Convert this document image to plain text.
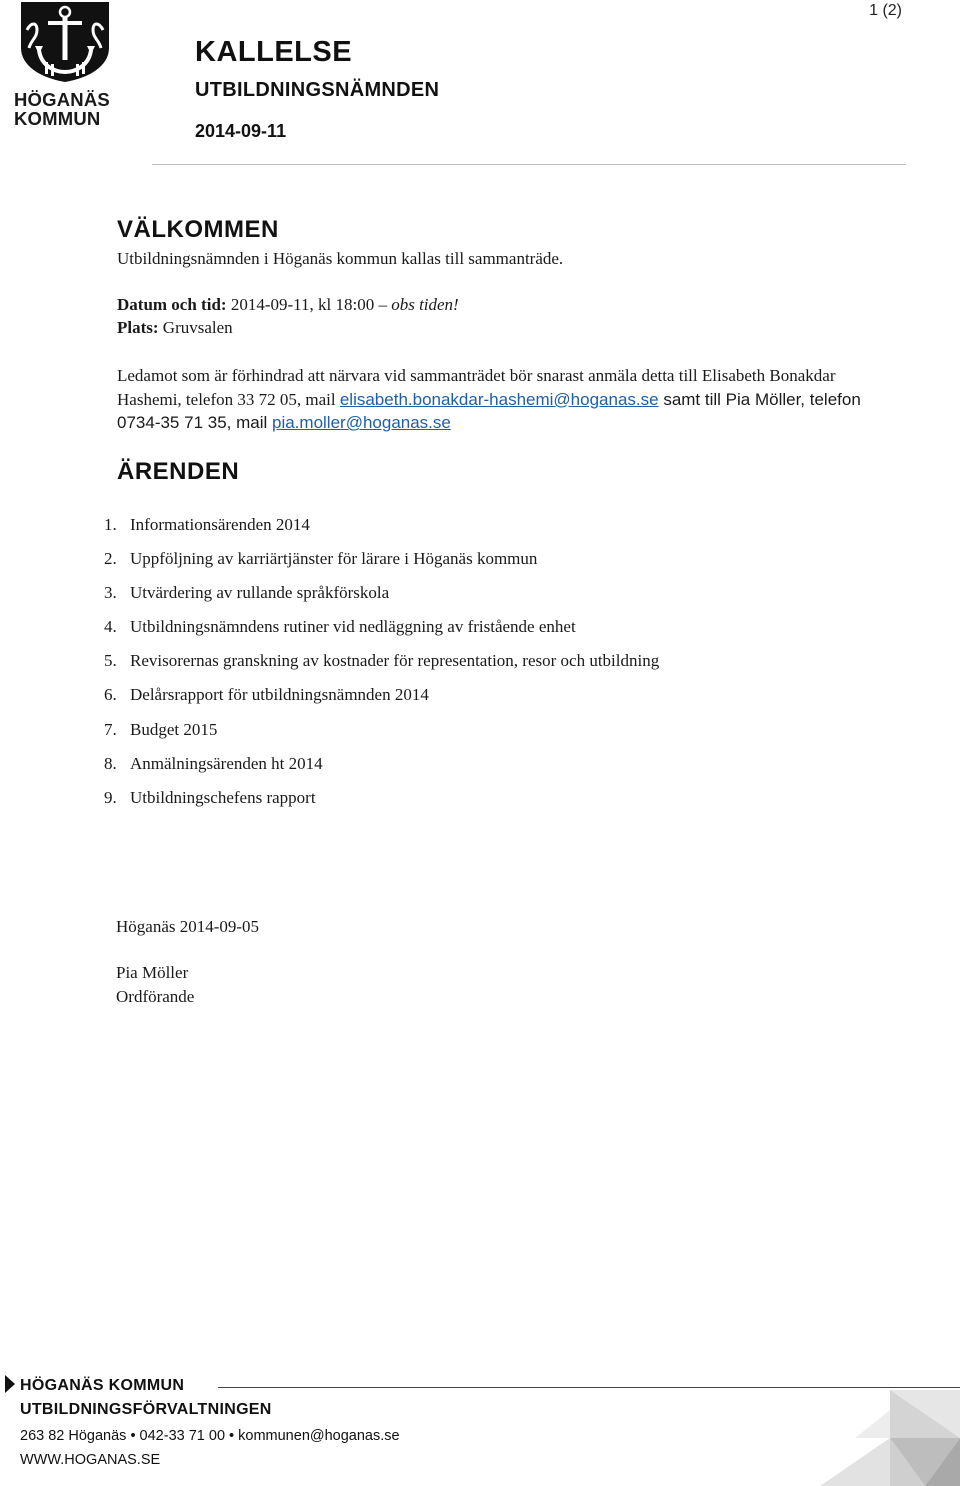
1 (2)
HÖGANÄS
KOMMUN
KALLELSE
UTBILDNINGSNÄMNDEN
2014-09-11
VÄLKOMMEN
Utbildningsnämnden i Höganäs kommun kallas till sammanträde.
Datum och tid: 2014-09-11, kl 18:00 – obs tiden!
Plats: Gruvsalen
Ledamot som är förhindrad att närvara vid sammanträdet bör snarast anmäla detta till Elisabeth Bonakdar Hashemi, telefon 33 72 05, mail elisabeth.bonakdar-hashemi@hoganas.se samt till Pia Möller, telefon 0734-35 71 35, mail pia.moller@hoganas.se
ÄRENDEN
1. Informationsärenden 2014
2. Uppföljning av karriärtjänster för lärare i Höganäs kommun
3. Utvärdering av rullande språkförskola
4. Utbildningsnämndens rutiner vid nedläggning av fristående enhet
5. Revisorernas granskning av kostnader för representation, resor och utbildning
6. Delårsrapport för utbildningsnämnden 2014
7. Budget 2015
8. Anmälningsärenden ht 2014
9. Utbildningschefens rapport
Höganäs 2014-09-05
Pia Möller
Ordförande
HÖGANÄS KOMMUN
UTBILDNINGSFÖRVALTNINGEN
263 82 Höganäs • 042-33 71 00 • kommunen@hoganas.se
WWW.HOGANAS.SE
